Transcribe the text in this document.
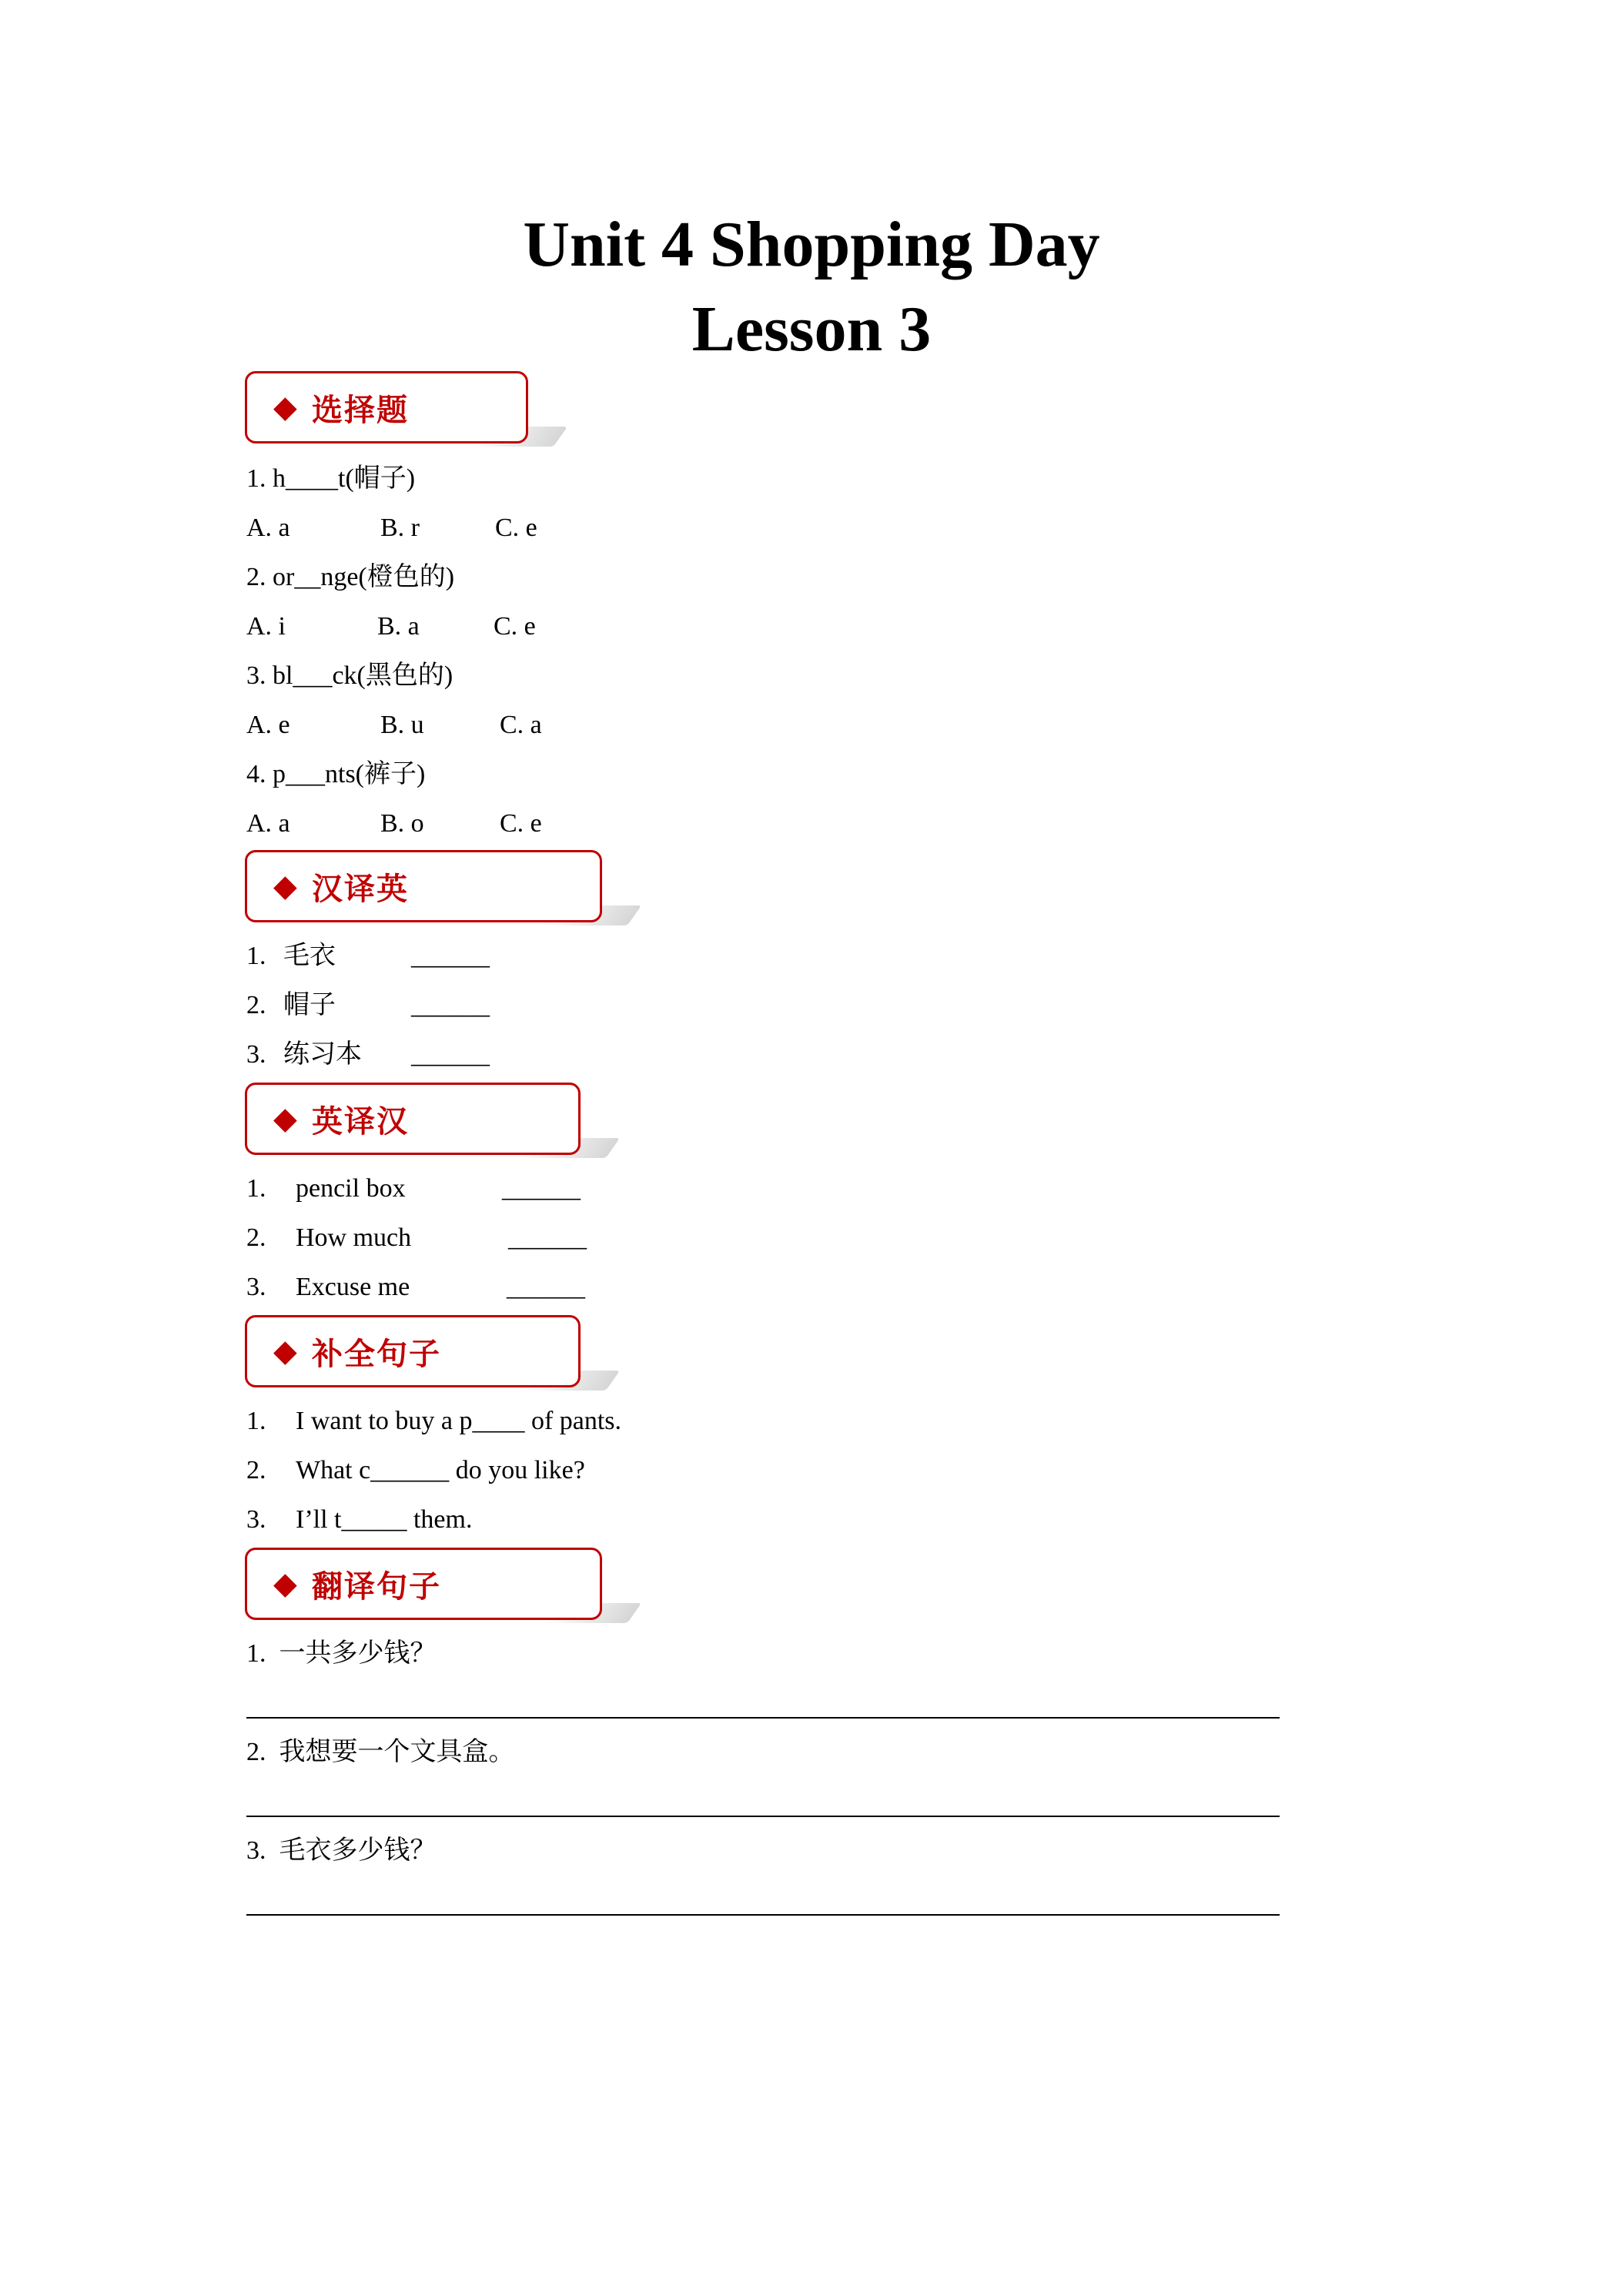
Unit 4 Shopping Day
Lesson 3
◆ 选择题
1. h____t(帽子)
A. a	B. r	C. e
2. or__nge(橙色的)
A. i	B. a	C. e
3. bl___ck(黑色的)
A. e	B. u	C. a
4. p___nts(裤子)
A. a	B. o	C. e
◆ 汉译英
1. 毛衣	______
2. 帽子	______
3. 练习本 ______
◆ 英译汉
1. pencil box	______
2. How much	______
3. Excuse me	______
◆ 补全句子
1. I want to buy a p____ of pants.
2. What c______ do you like?
3. I’ll t_____ them.
◆ 翻译句子
1.  一共多少钱？
2.  我想要一个文具盒。
3.  毛衣多少钱？
